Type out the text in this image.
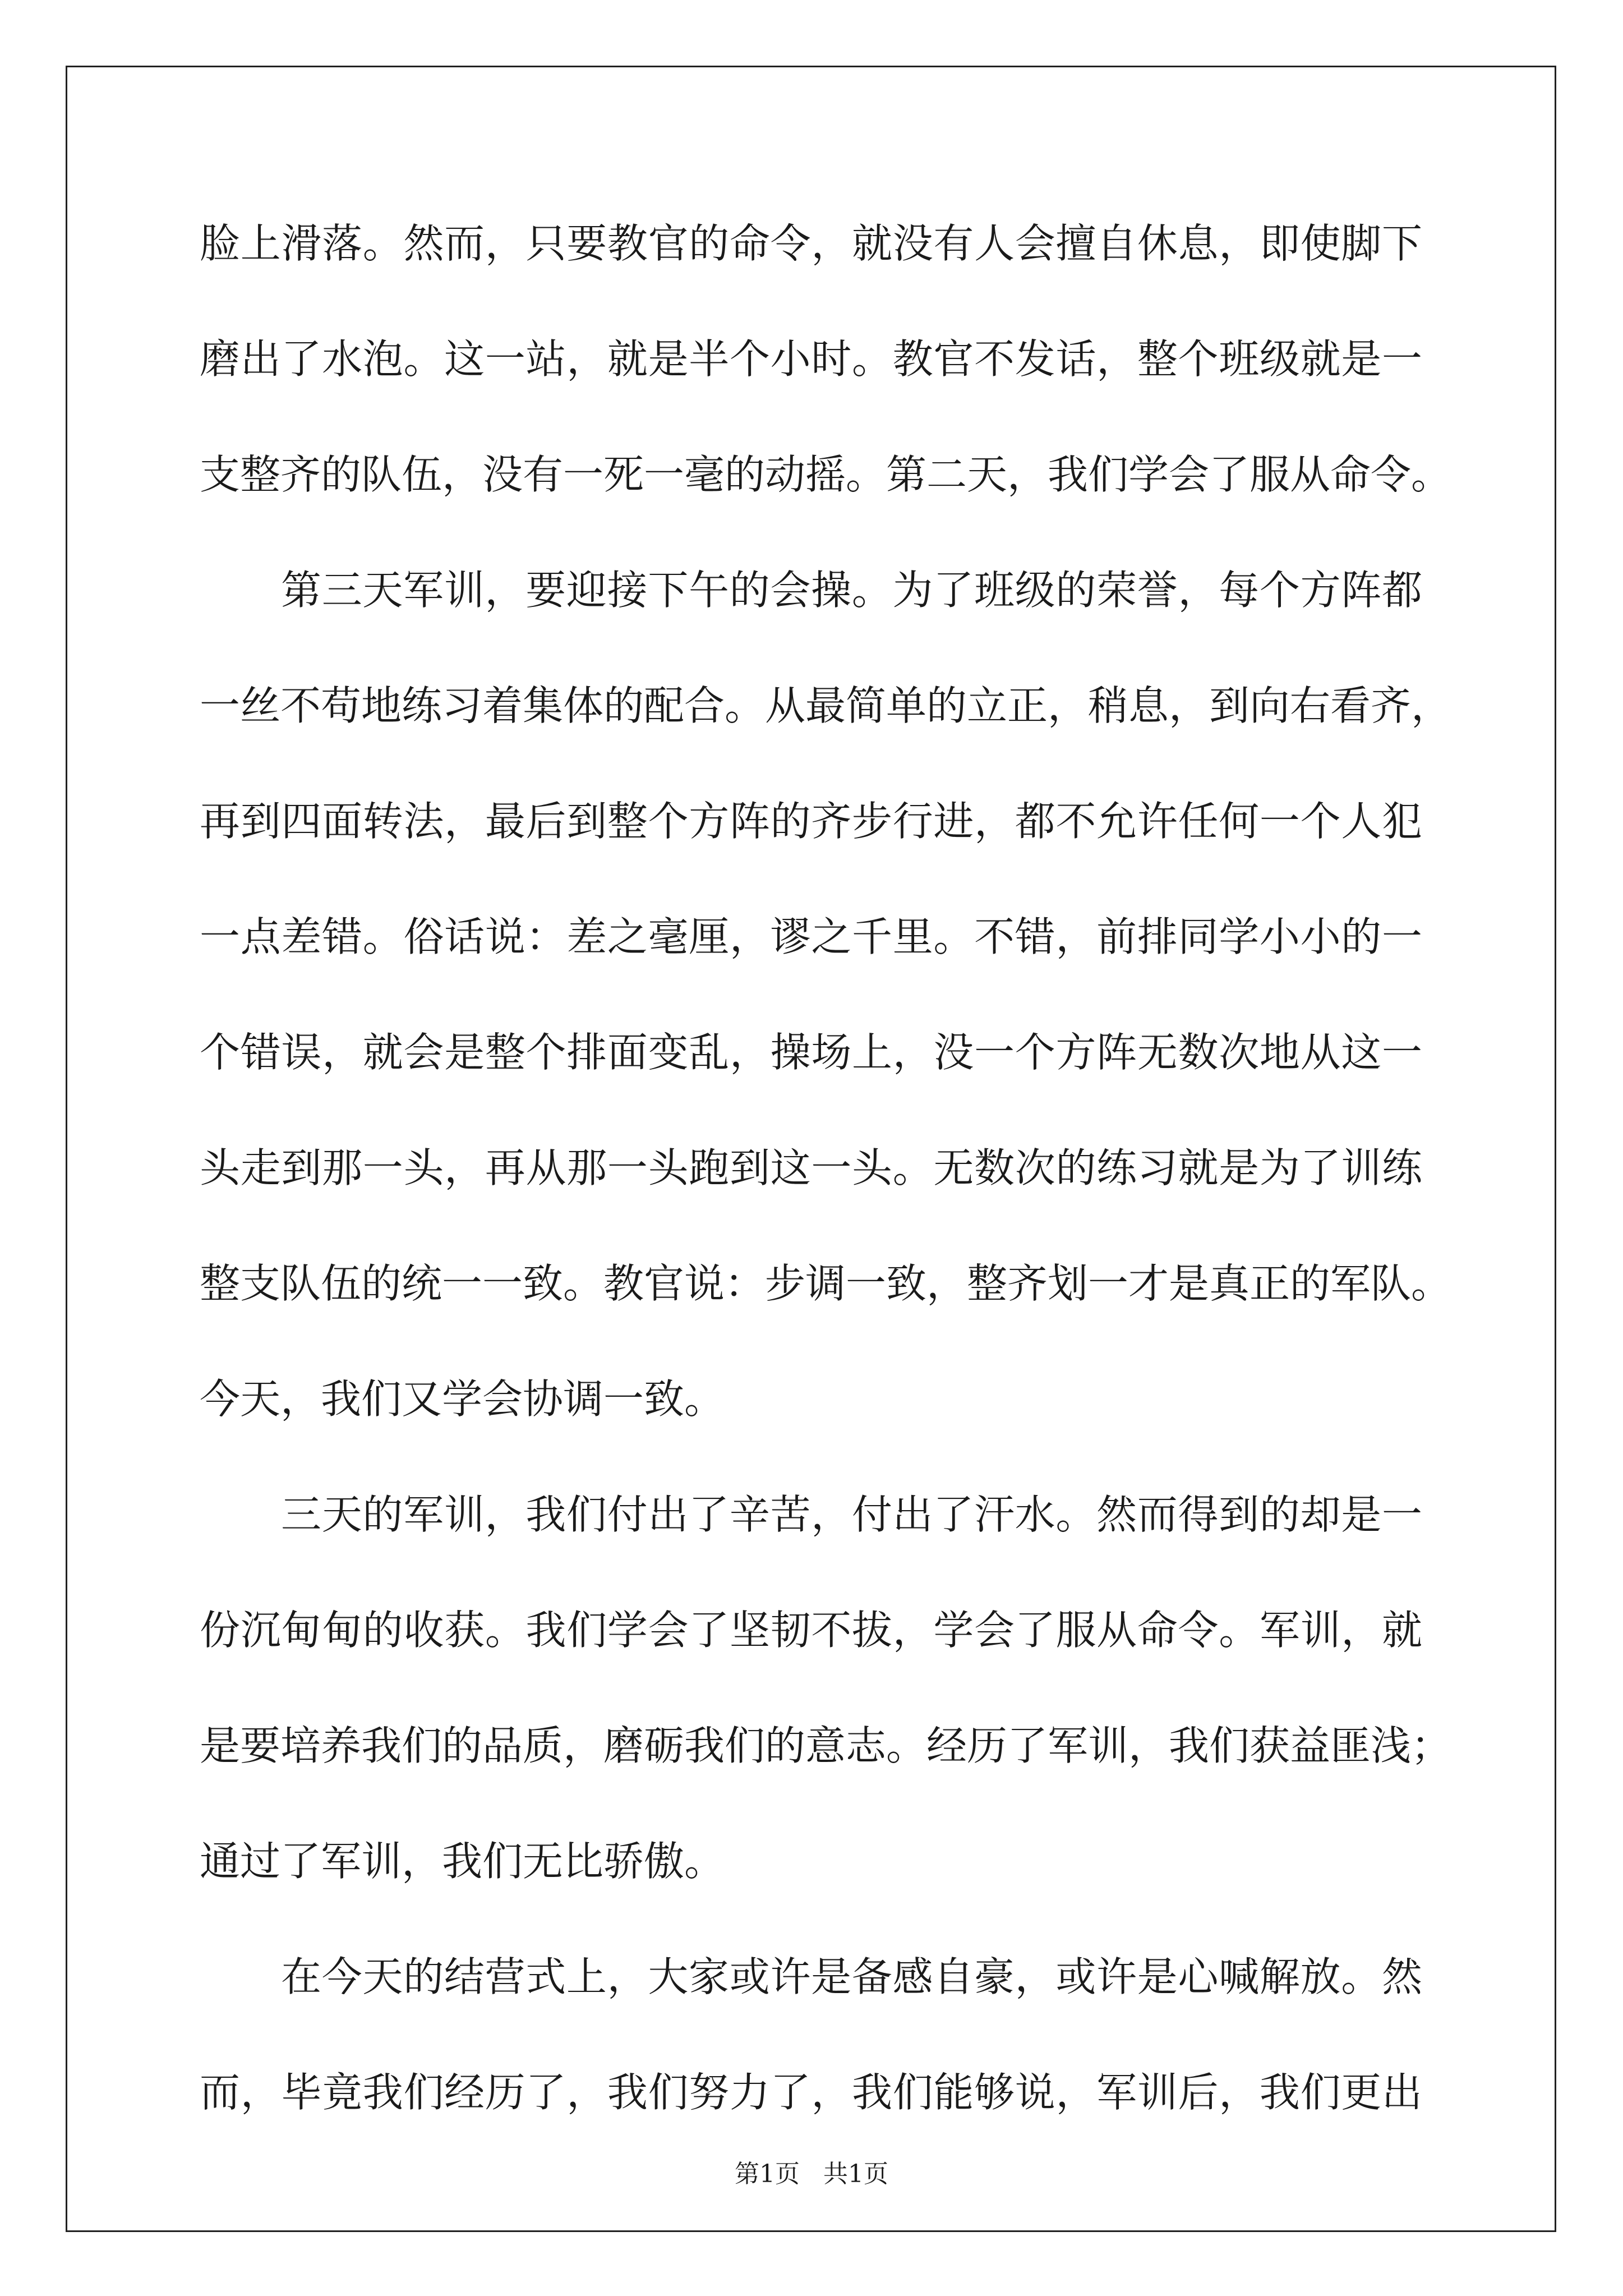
脸上滑落。然而，只要教官的命令，就没有人会擅自休息，即使脚下
磨出了水泡。这一站，就是半个小时。教官不发话，整个班级就是一
支整齐的队伍，没有一死一毫的动摇。第二天，我们学会了服从命令。
第三天军训，要迎接下午的会操。为了班级的荣誉，每个方阵都
一丝不苟地练习着集体的配合。从最简单的立正，稍息，到向右看齐，
再到四面转法，最后到整个方阵的齐步行进，都不允许任何一个人犯
一点差错。俗话说：差之毫厘，谬之千里。不错，前排同学小小的一
个错误，就会是整个排面变乱，操场上，没一个方阵无数次地从这一
头走到那一头，再从那一头跑到这一头。无数次的练习就是为了训练
整支队伍的统一一致。教官说：步调一致，整齐划一才是真正的军队。
今天，我们又学会协调一致。
三天的军训，我们付出了辛苦，付出了汗水。然而得到的却是一
份沉甸甸的收获。我们学会了坚韧不拔，学会了服从命令。军训，就
是要培养我们的品质，磨砺我们的意志。经历了军训，我们获益匪浅；
通过了军训，我们无比骄傲。
在今天的结营式上，大家或许是备感自豪，或许是心喊解放。然
而，毕竟我们经历了，我们努力了，我们能够说，军训后，我们更出
第1页 共1页
